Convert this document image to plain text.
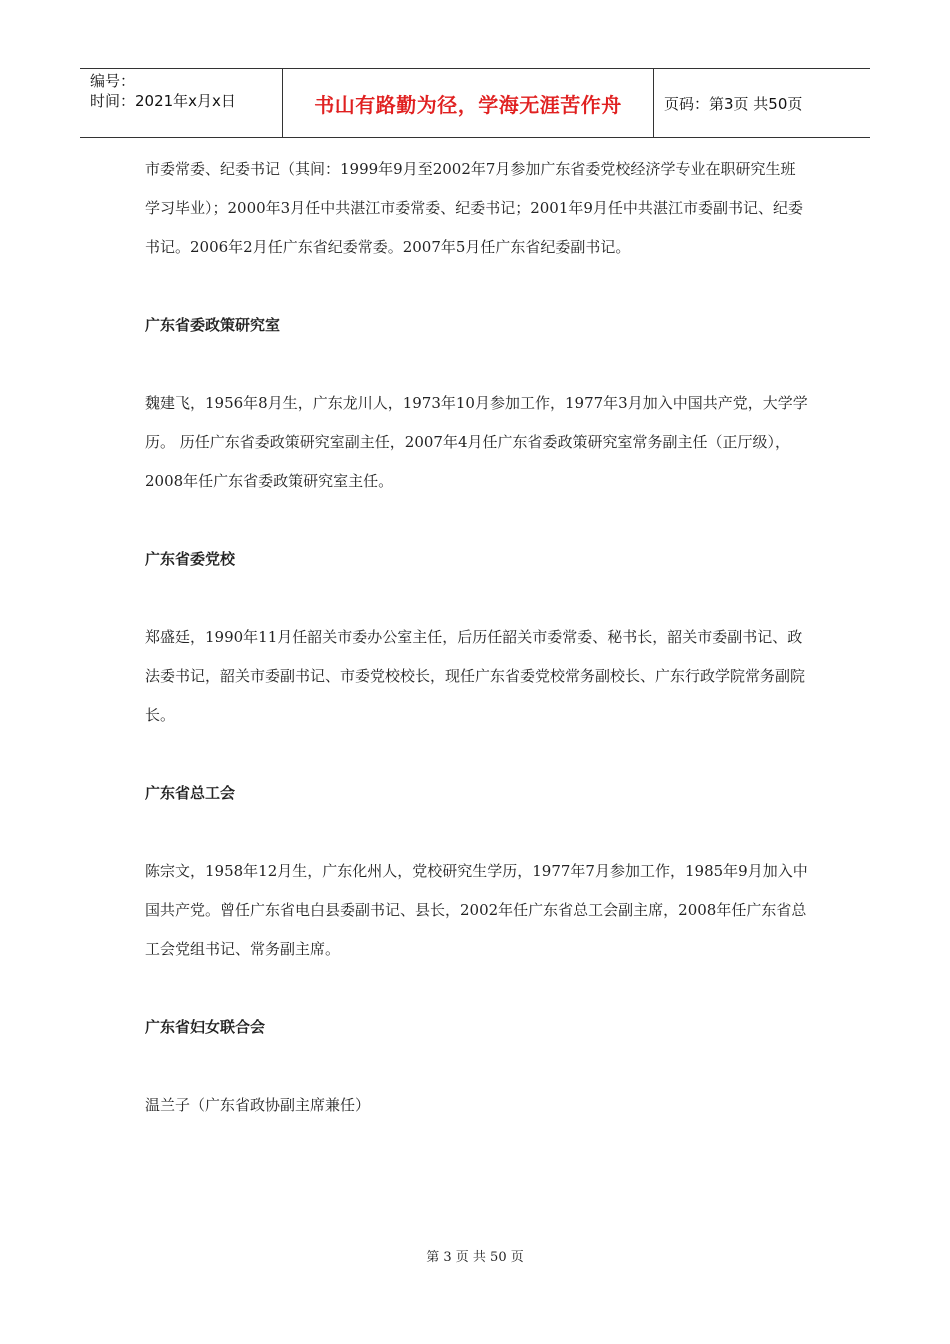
编号：
时间：2021年x月x日	书山有路勤为径，学海无涯苦作舟	页码：第3页 共50页

市委常委、纪委书记（其间：1999年9月至2002年7月参加广东省委党校经济学专业在职研究生班学习毕业）；2000年3月任中共湛江市委常委、纪委书记；2001年9月任中共湛江市委副书记、纪委书记。2006年2月任广东省纪委常委。2007年5月任广东省纪委副书记。

广东省委政策研究室

魏建飞，1956年8月生，广东龙川人，1973年10月参加工作，1977年3月加入中国共产党，大学学历。 历任广东省委政策研究室副主任，2007年4月任广东省委政策研究室常务副主任（正厅级），2008年任广东省委政策研究室主任。

广东省委党校

郑盛廷，1990年11月任韶关市委办公室主任，后历任韶关市委常委、秘书长，韶关市委副书记、政法委书记，韶关市委副书记、市委党校校长，现任广东省委党校常务副校长、广东行政学院常务副院长。

广东省总工会

陈宗文，1958年12月生，广东化州人，党校研究生学历，1977年7月参加工作，1985年9月加入中国共产党。曾任广东省电白县委副书记、县长，2002年任广东省总工会副主席，2008年任广东省总工会党组书记、常务副主席。

广东省妇女联合会

温兰子（广东省政协副主席兼任）

第 3 页 共 50 页
